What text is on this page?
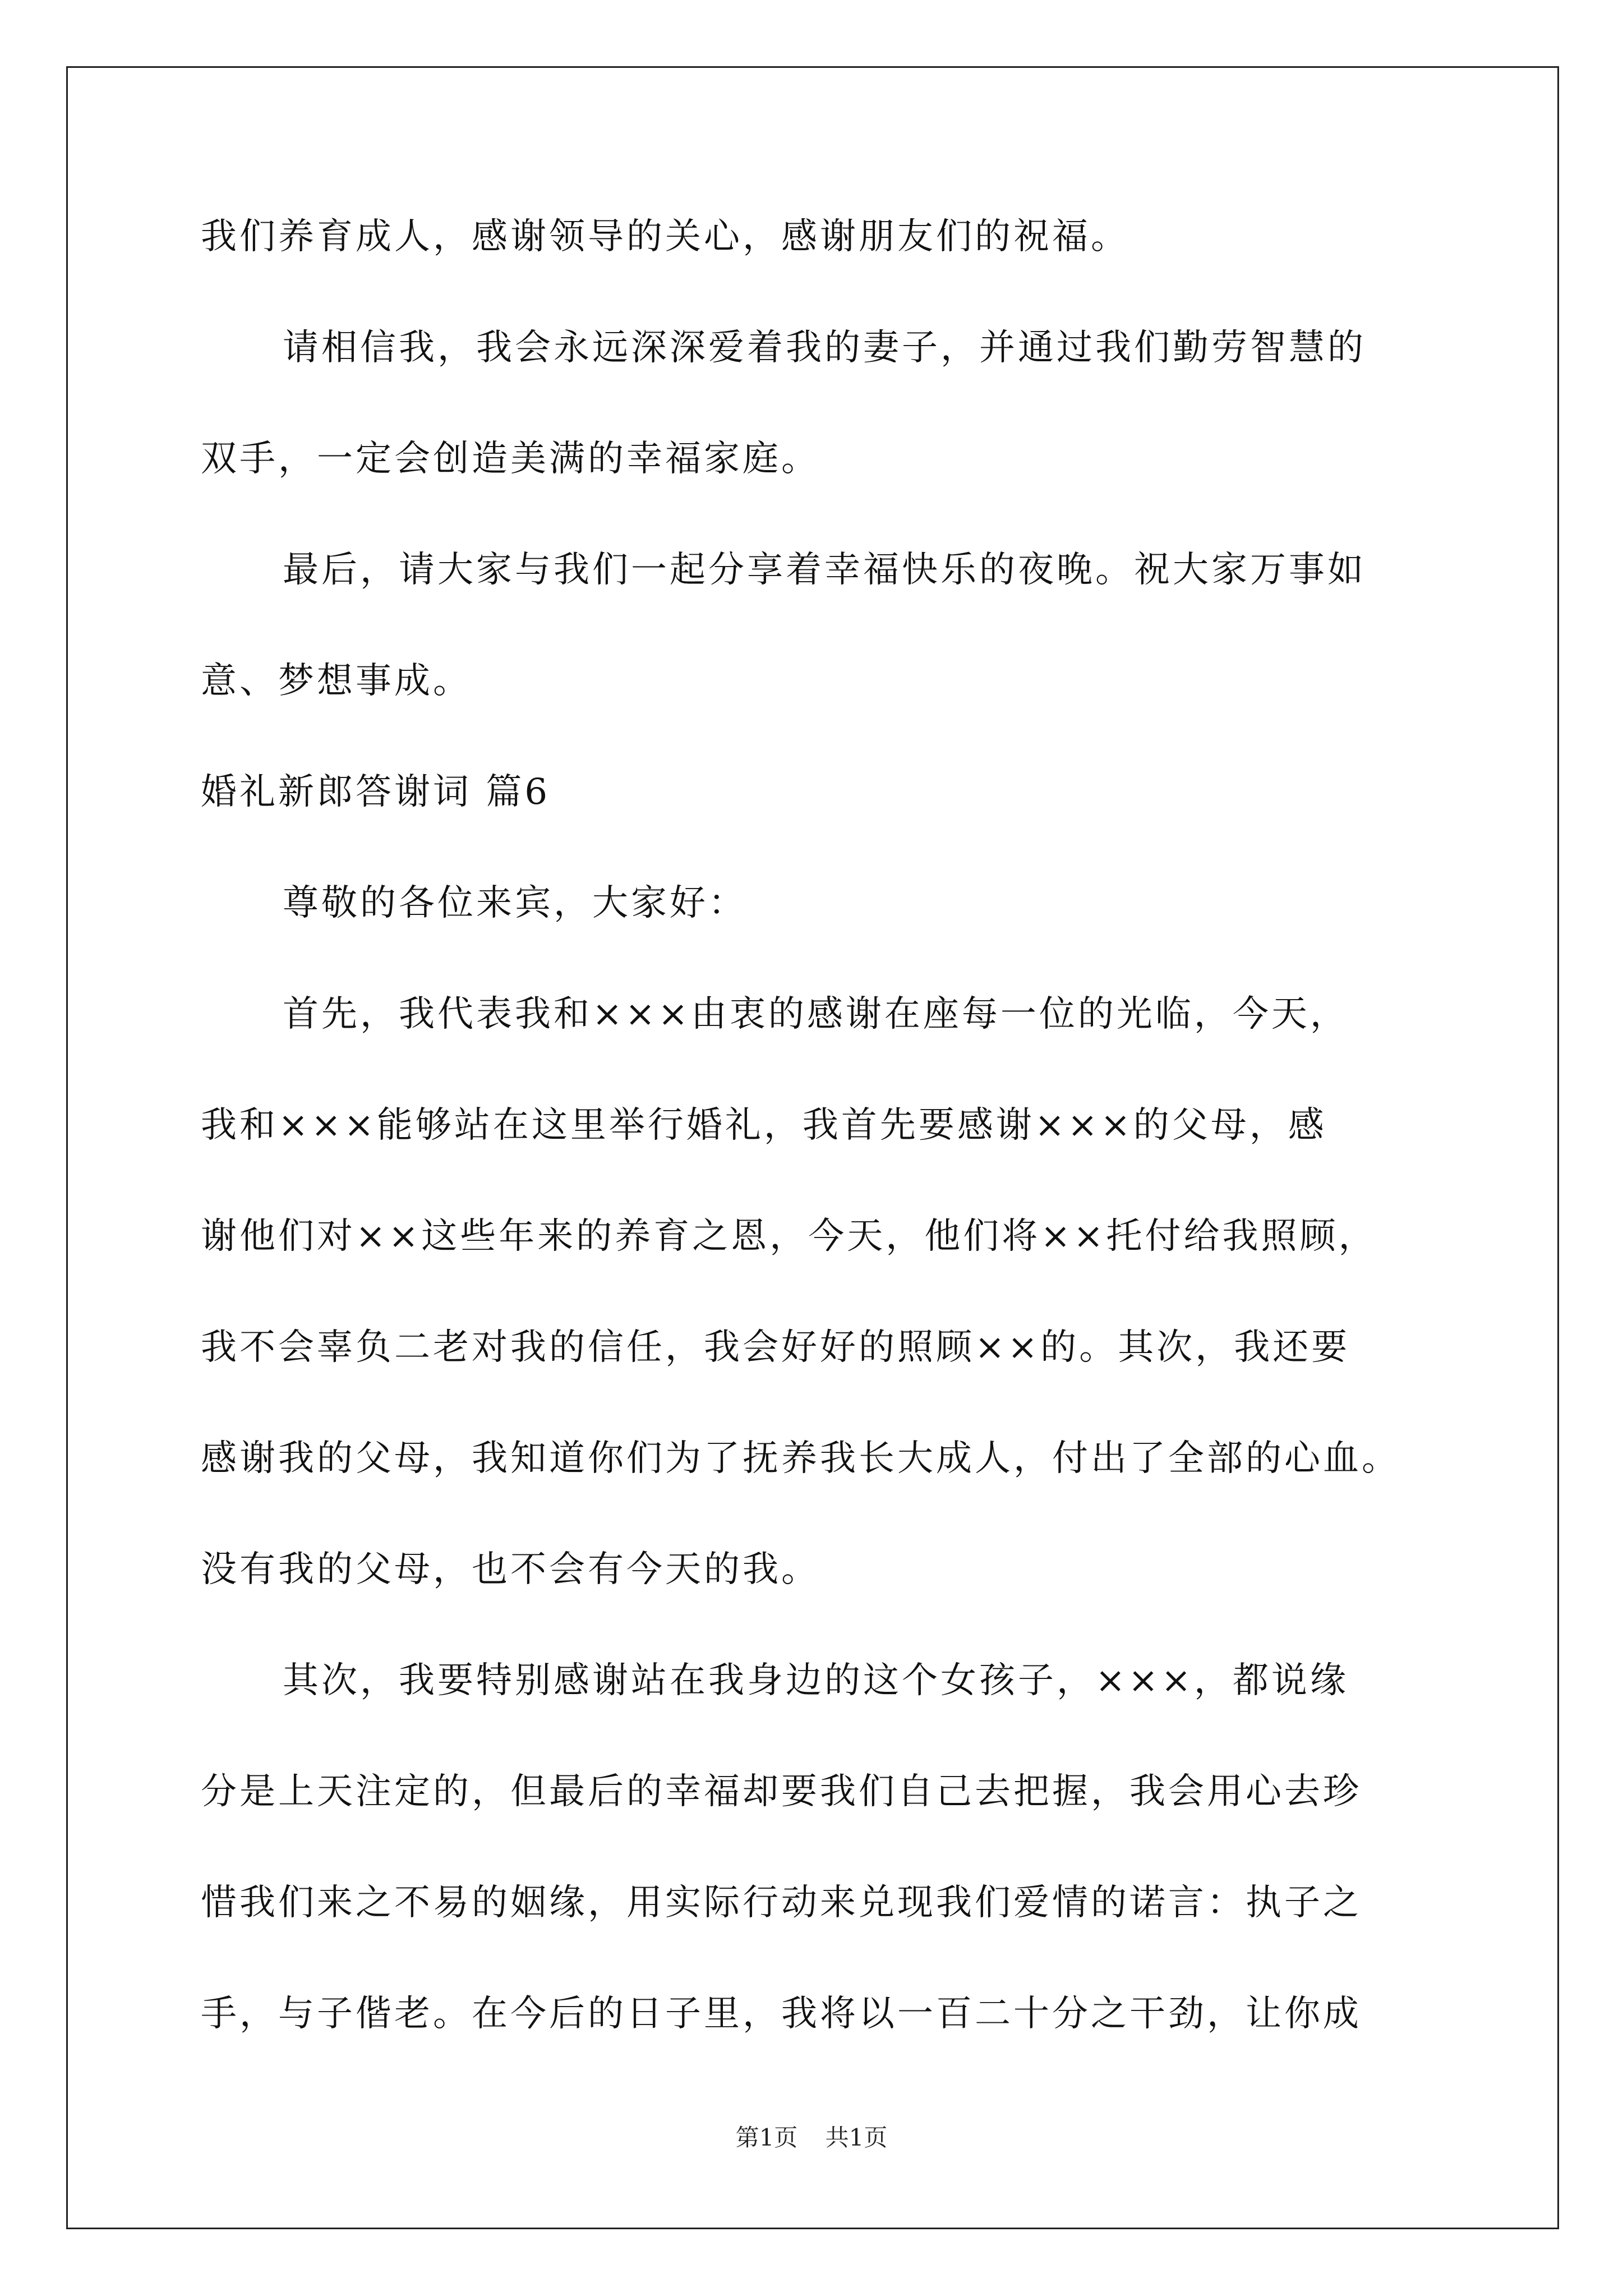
我们养育成人，感谢领导的关心，感谢朋友们的祝福。
请相信我，我会永远深深爱着我的妻子，并通过我们勤劳智慧的
双手，一定会创造美满的幸福家庭。
最后，请大家与我们一起分享着幸福快乐的夜晚。祝大家万事如
意、梦想事成。
婚礼新郎答谢词 篇6
尊敬的各位来宾，大家好：
首先，我代表我和×××由衷的感谢在座每一位的光临，今天，
我和×××能够站在这里举行婚礼，我首先要感谢×××的父母，感
谢他们对××这些年来的养育之恩，今天，他们将××托付给我照顾，
我不会辜负二老对我的信任，我会好好的照顾××的。其次，我还要
感谢我的父母，我知道你们为了抚养我长大成人，付出了全部的心血。
没有我的父母，也不会有今天的我。
其次，我要特别感谢站在我身边的这个女孩子，×××，都说缘
分是上天注定的，但最后的幸福却要我们自己去把握，我会用心去珍
惜我们来之不易的姻缘，用实际行动来兑现我们爱情的诺言：执子之
手，与子偕老。在今后的日子里，我将以一百二十分之干劲，让你成
第1页 共1页
